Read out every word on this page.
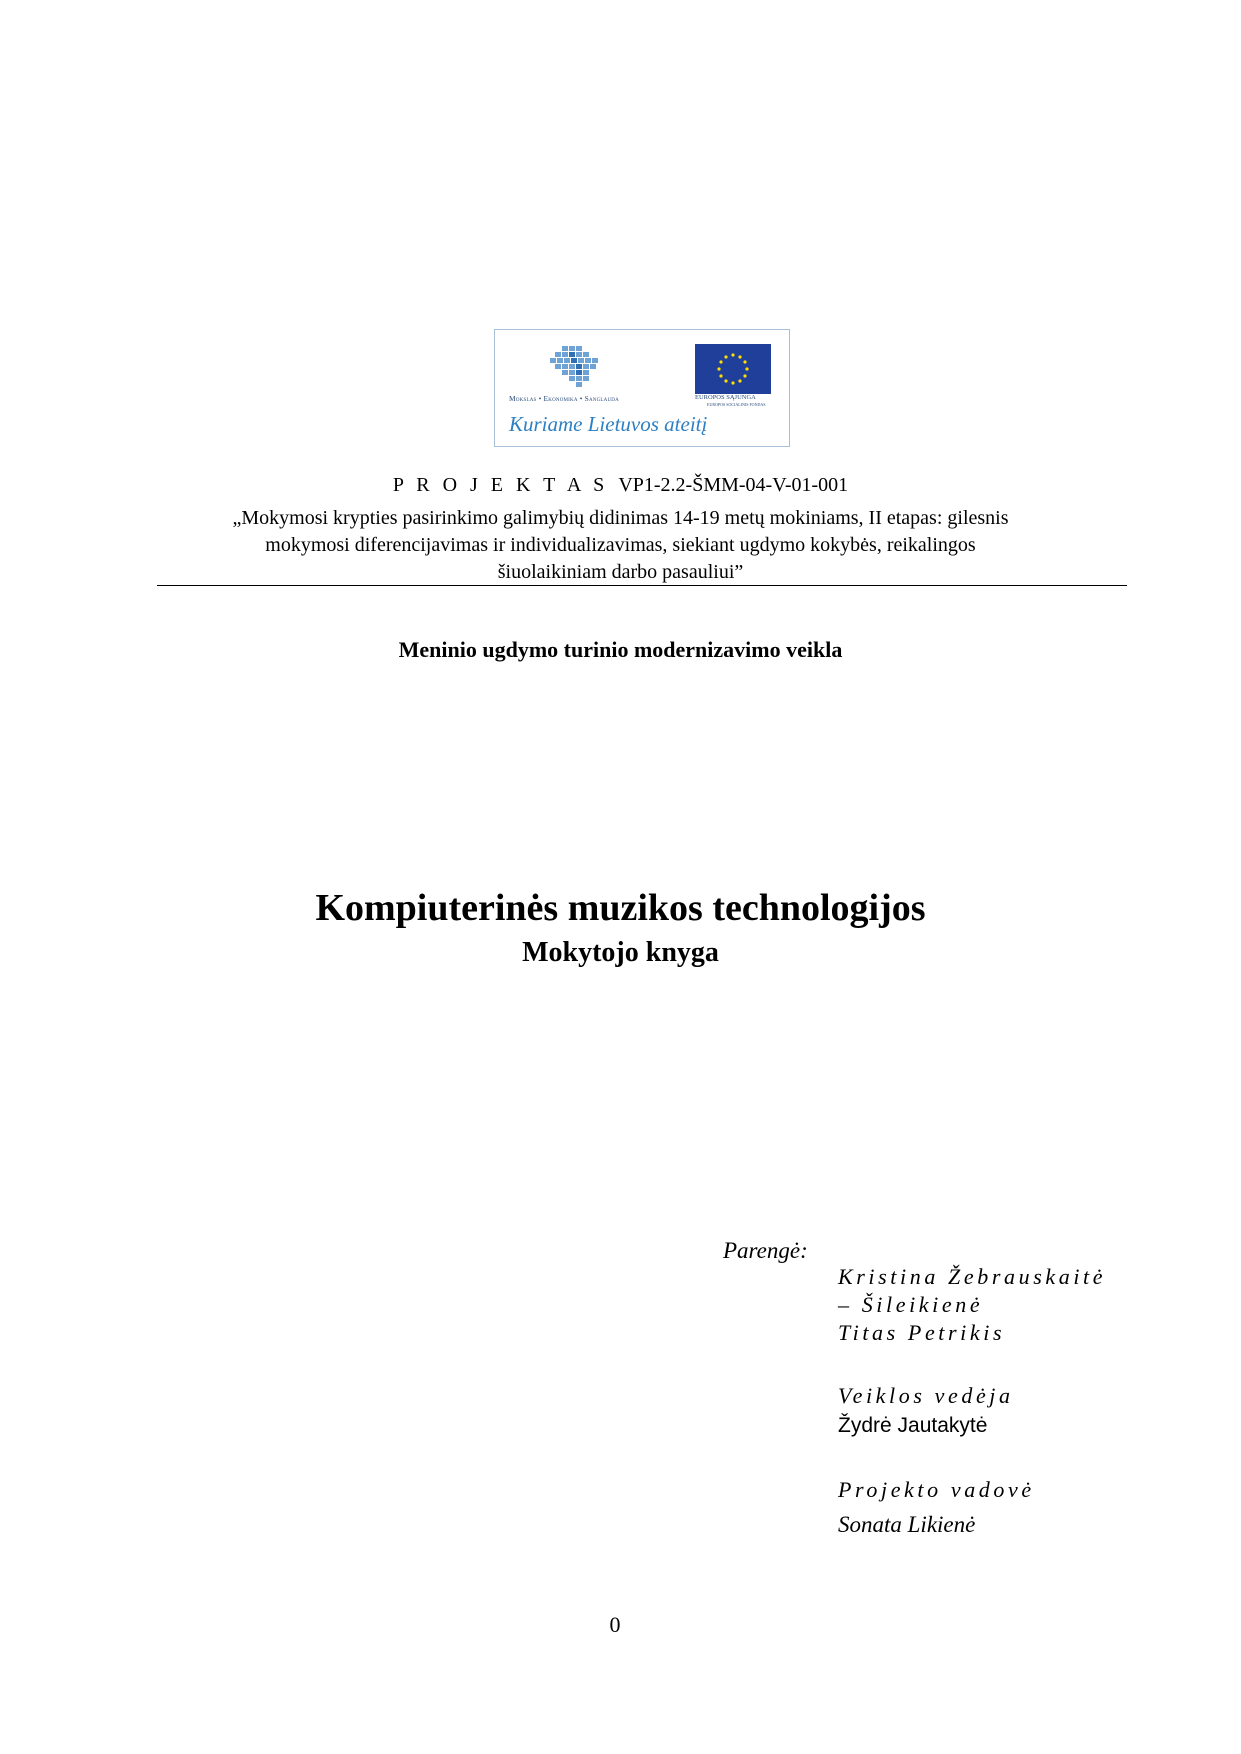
Mokslas • Ekonomika • Sanglauda	EUROPOS SĄJUNGA
EUROPOS SOCIALINIS FONDAS
Kuriame Lietuvos ateitį
P R O J E K T A S VP1-2.2-ŠMM-04-V-01-001
„Mokymosi krypties pasirinkimo galimybių didinimas 14-19 metų mokiniams, II etapas: gilesnis
mokymosi diferencijavimas ir individualizavimas, siekiant ugdymo kokybės, reikalingos
šiuolaikiniam darbo pasauliui”
Meninio ugdymo turinio modernizavimo veikla
Kompiuterinės muzikos technologijos
Mokytojo knyga
Parengė:
Kristina Žebrauskaitė
– Šileikienė
Titas Petrikis
Veiklos vedėja
Žydrė Jautakytė
Projekto vadovė
Sonata Likienė
0
